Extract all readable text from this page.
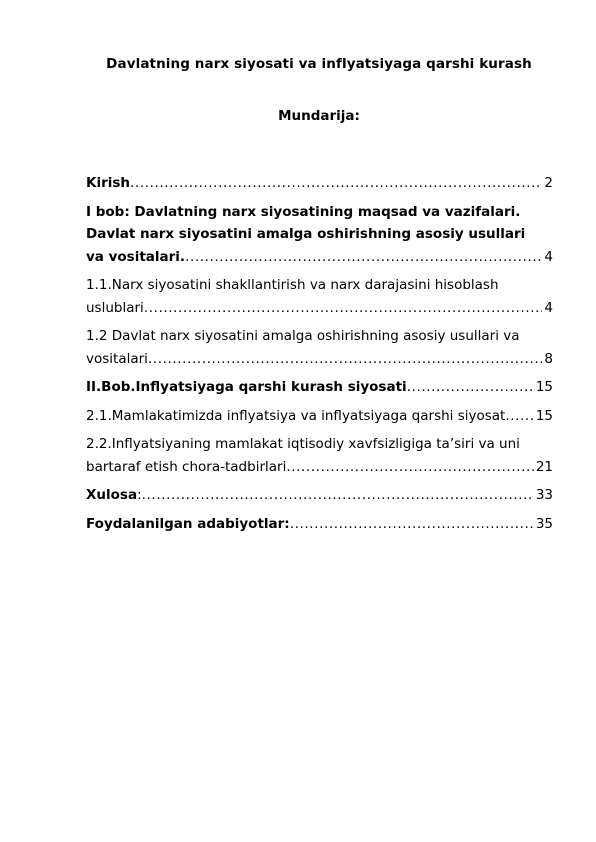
Davlatning narx siyosati va inflyatsiyaga qarshi kurash
Mundarija:
Kirish .....	2
I bob: Davlatning narx siyosatining maqsad va vazifalari.
Davlat narx siyosatini amalga oshirishning asosiy usullari
va vositalari. .....	4
1.1.Narx siyosatini shakllantirish va narx darajasini hisoblash
uslublari .....	4
1.2 Davlat narx siyosatini amalga oshirishning asosiy usullari va
vositalari .....	8
II.Bob.Inflyatsiyaga qarshi kurash siyosati .....	15
2.1.Mamlakatimizda inflyatsiya va inflyatsiyaga qarshi siyosat ..... 15
2.2.Inflyatsiyaning mamlakat iqtisodiy xavfsizligiga ta’siri va uni
bartaraf etish chora-tadbirlari .....	21
Xulosa : .....	33
Foydalanilgan adabiyotlar: .....	35
